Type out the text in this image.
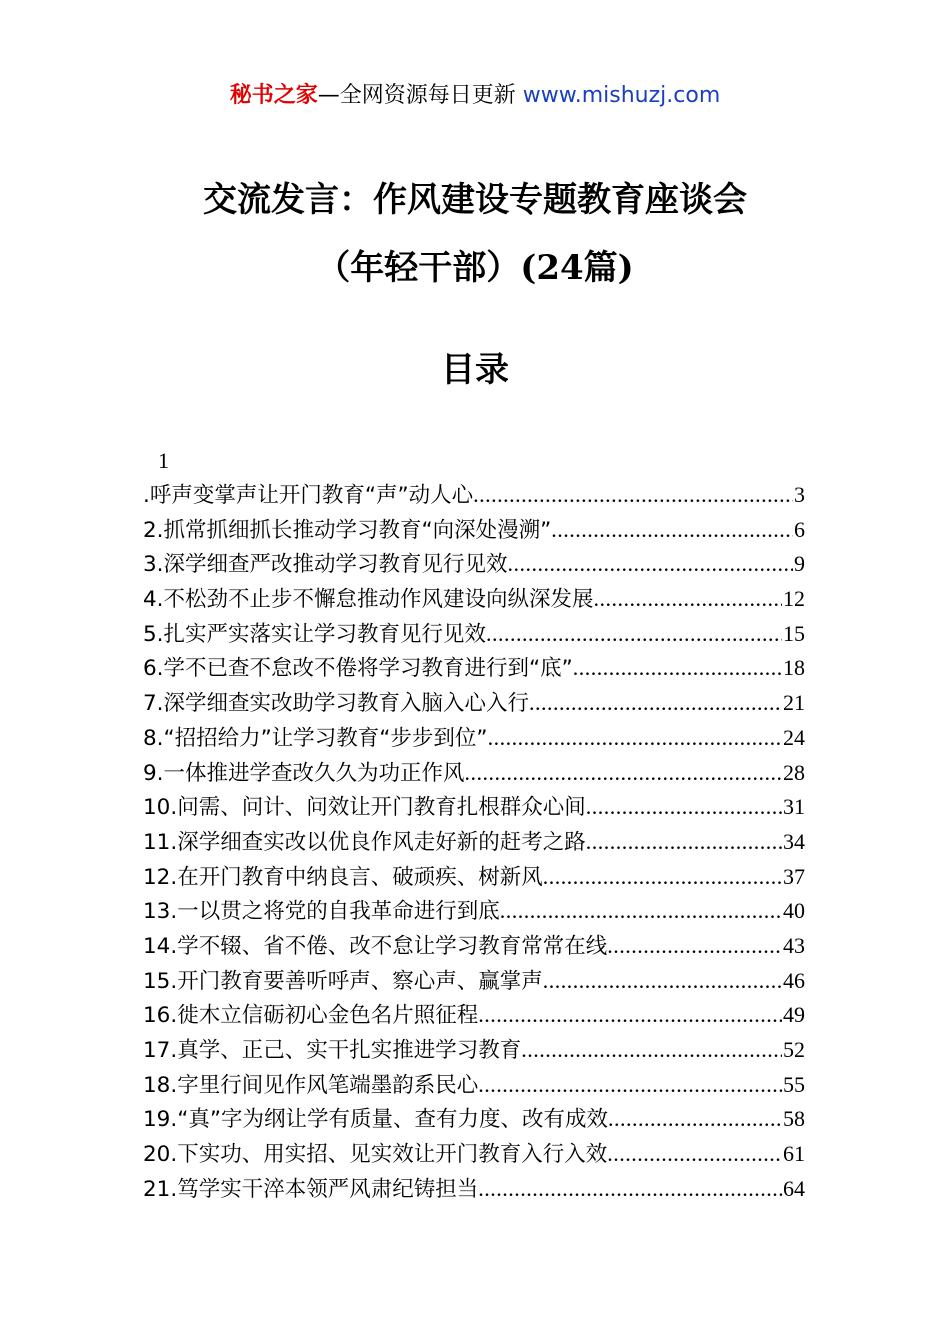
秘书之家—全网资源每日更新 www.mishuzj.com
交流发言：作风建设专题教育座谈会
（年轻干部）(24篇)
目录
1
.呼声变掌声让开门教育“声”动人心 .....	3
2.抓常抓细抓长推动学习教育“向深处漫溯” .....	6
3.深学细查严改推动学习教育见行见效 .....	9
4.不松劲不止步不懈怠推动作风建设向纵深发展 .....	12
5.扎实严实落实让学习教育见行见效 .....	15
6.学不已查不怠改不倦将学习教育进行到“底” .....	18
7.深学细查实改助学习教育入脑入心入行 .....	21
8.“招招给力”让学习教育“步步到位” .....	24
9.一体推进学查改久久为功正作风 .....	28
10.问需、问计、问效让开门教育扎根群众心间 .....	31
11.深学细查实改以优良作风走好新的赶考之路 .....	34
12.在开门教育中纳良言、破顽疾、树新风 .....	37
13.一以贯之将党的自我革命进行到底 .....	40
14.学不辍、省不倦、改不怠让学习教育常常在线 .....	43
15.开门教育要善听呼声、察心声、赢掌声 .....	46
16.徙木立信砺初心金色名片照征程 .....	49
17.真学、正己、实干扎实推进学习教育 .....	52
18.字里行间见作风笔端墨韵系民心 .....	55
19.“真”字为纲让学有质量、查有力度、改有成效 .....	58
20.下实功、用实招、见实效让开门教育入行入效 .....	61
21.笃学实干淬本领严风肃纪铸担当 .....	64
